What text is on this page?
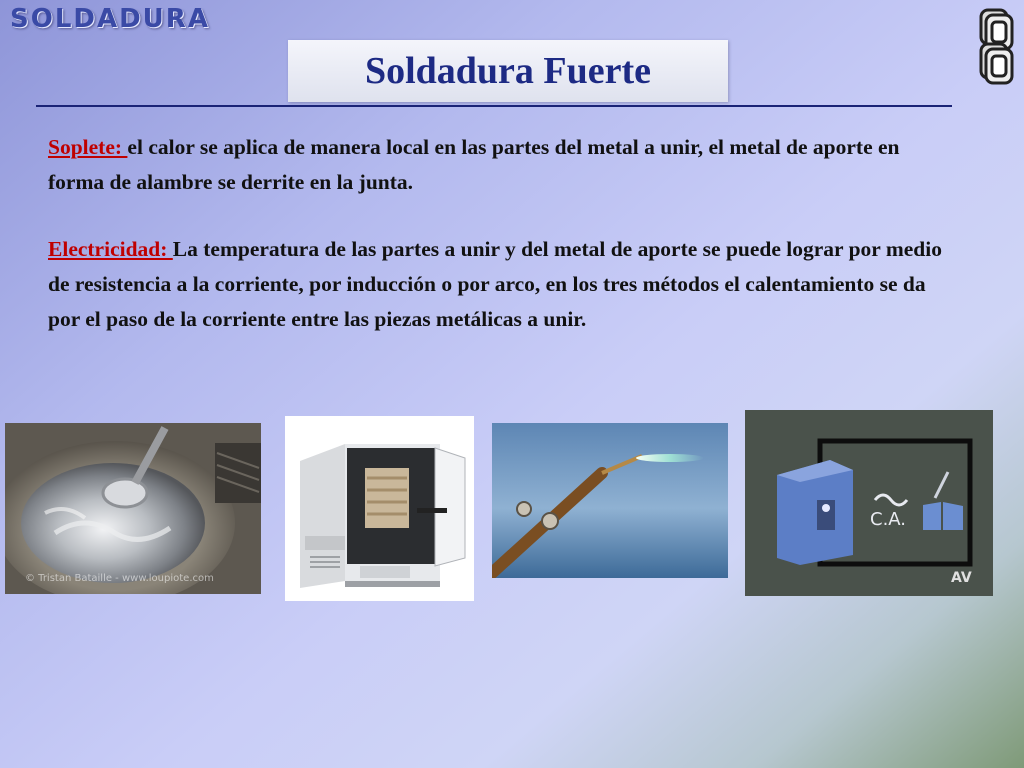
SOLDADURA
Soldadura Fuerte
Soplete: el calor se aplica de manera local en las partes del metal a unir, el metal de aporte en forma de alambre se derrite en la junta.
Electricidad: La temperatura de las partes a unir y del metal de aporte se puede lograr por medio de resistencia a la corriente, por inducción o por arco, en los tres métodos el calentamiento se da por el paso de la corriente entre las piezas metálicas a unir.
© Tristan Bataille - www.loupiote.com
C.A.
AV
